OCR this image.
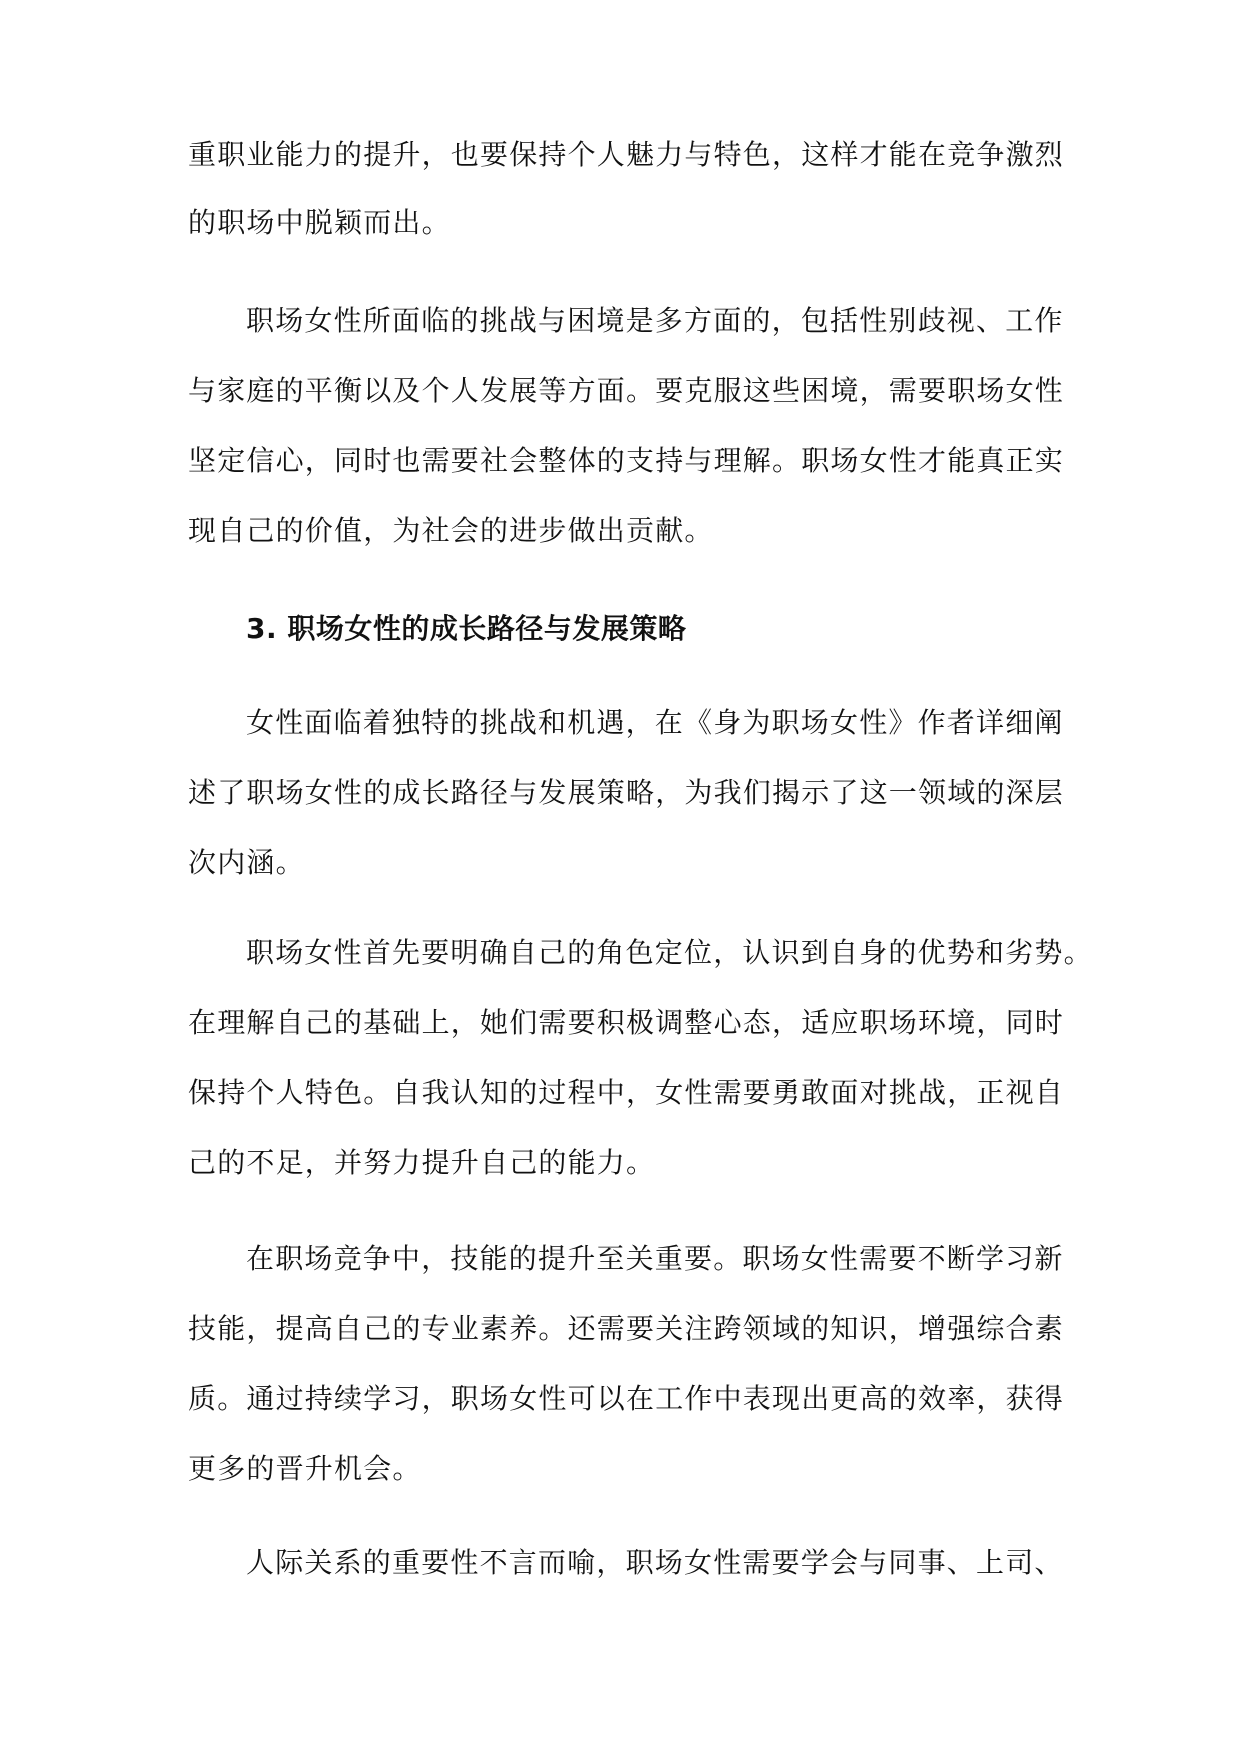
重职业能力的提升，也要保持个人魅力与特色，这样才能在竞争激烈
的职场中脱颖而出。
职场女性所面临的挑战与困境是多方面的，包括性别歧视、工作
与家庭的平衡以及个人发展等方面。要克服这些困境，需要职场女性
坚定信心，同时也需要社会整体的支持与理解。职场女性才能真正实
现自己的价值，为社会的进步做出贡献。
3. 职场女性的成长路径与发展策略
女性面临着独特的挑战和机遇，在《身为职场女性》作者详细阐
述了职场女性的成长路径与发展策略，为我们揭示了这一领域的深层
次内涵。
职场女性首先要明确自己的角色定位，认识到自身的优势和劣势。
在理解自己的基础上，她们需要积极调整心态，适应职场环境，同时
保持个人特色。自我认知的过程中，女性需要勇敢面对挑战，正视自
己的不足，并努力提升自己的能力。
在职场竞争中，技能的提升至关重要。职场女性需要不断学习新
技能，提高自己的专业素养。还需要关注跨领域的知识，增强综合素
质。通过持续学习，职场女性可以在工作中表现出更高的效率，获得
更多的晋升机会。
人际关系的重要性不言而喻，职场女性需要学会与同事、上司、
